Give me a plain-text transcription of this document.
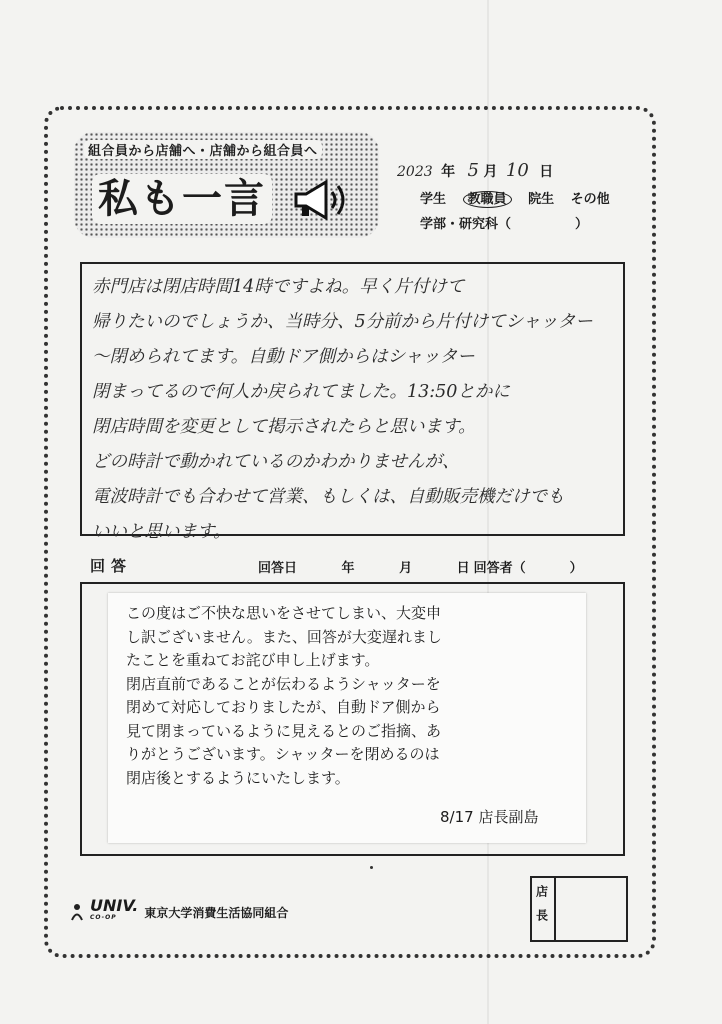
組合員から店舗へ・店舗から組合員へ
私も一言
2023 年 5 月 10 日
学生 教職員 院生 その他
学部・研究科（	）
赤門店は閉店時間14時ですよね。早く片付けて
帰りたいのでしょうか、当時分、5分前から片付けてシャッター
〜閉められてます。自動ドア側からはシャッター
閉まってるので何人か戻られてました。13:50とかに
閉店時間を変更として掲示されたらと思います。
どの時計で動かれているのかわかりませんが、
電波時計でも合わせて営業、もしくは、自動販売機だけでも
いいと思います。
回答	回答日	年	月	日 回答者（	）
この度はご不快な思いをさせてしまい、大変申
し訳ございません。また、回答が大変遅れまし
たことを重ねてお詫び申し上げます。
閉店直前であることが伝わるようシャッターを
閉めて対応しておりましたが、自動ドア側から
見て閉まっているように見えるとのご指摘、あ
りがとうございます。シャッターを閉めるのは
閉店後とするようにいたします。
8/17 店長副島
UNIV.
CO-OP	東京大学消費生活協同組合	店長
